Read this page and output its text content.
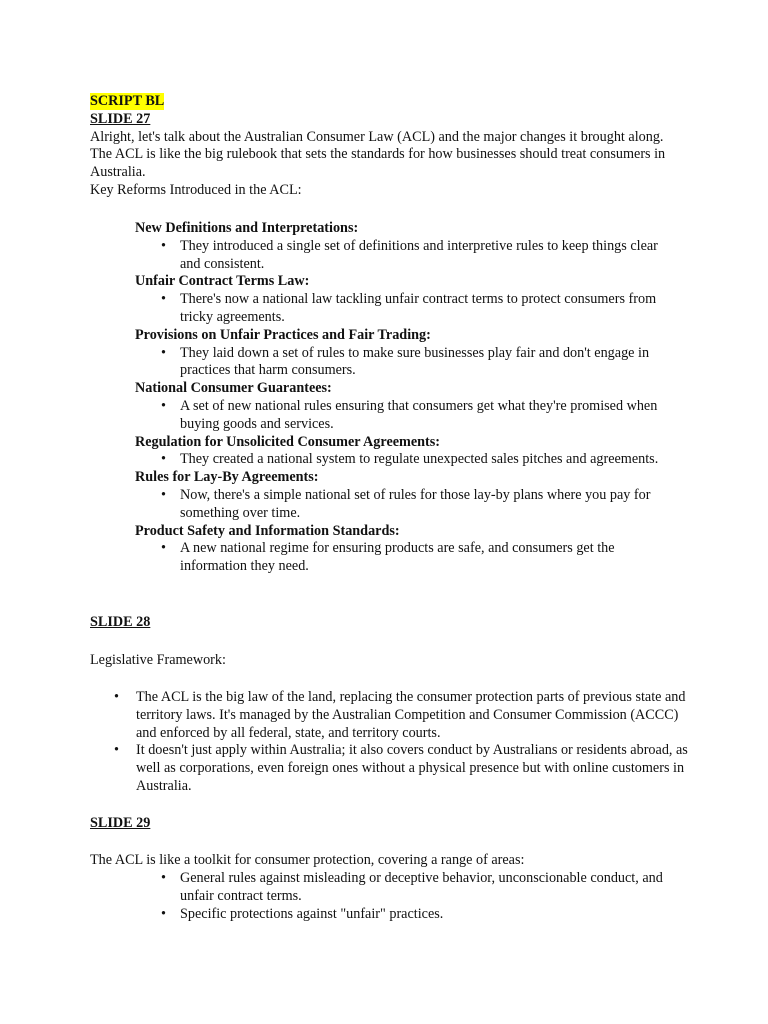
SCRIPT BL

SLIDE 27

Alright, let's talk about the Australian Consumer Law (ACL) and the major changes it brought along. The ACL is like the big rulebook that sets the standards for how businesses should treat consumers in Australia.

Key Reforms Introduced in the ACL:

New Definitions and Interpretations:

• They introduced a single set of definitions and interpretive rules to keep things clear and consistent.

Unfair Contract Terms Law:

• There's now a national law tackling unfair contract terms to protect consumers from tricky agreements.

Provisions on Unfair Practices and Fair Trading:

• They laid down a set of rules to make sure businesses play fair and don't engage in practices that harm consumers.

National Consumer Guarantees:

• A set of new national rules ensuring that consumers get what they're promised when buying goods and services.

Regulation for Unsolicited Consumer Agreements:

• They created a national system to regulate unexpected sales pitches and agreements.

Rules for Lay-By Agreements:

• Now, there's a simple national set of rules for those lay-by plans where you pay for something over time.

Product Safety and Information Standards:

• A new national regime for ensuring products are safe, and consumers get the information they need.

SLIDE 28

Legislative Framework:

• The ACL is the big law of the land, replacing the consumer protection parts of previous state and territory laws. It's managed by the Australian Competition and Consumer Commission (ACCC) and enforced by all federal, state, and territory courts.
• It doesn't just apply within Australia; it also covers conduct by Australians or residents abroad, as well as corporations, even foreign ones without a physical presence but with online customers in Australia.

SLIDE 29

The ACL is like a toolkit for consumer protection, covering a range of areas:

• General rules against misleading or deceptive behavior, unconscionable conduct, and unfair contract terms.
• Specific protections against "unfair" practices.
